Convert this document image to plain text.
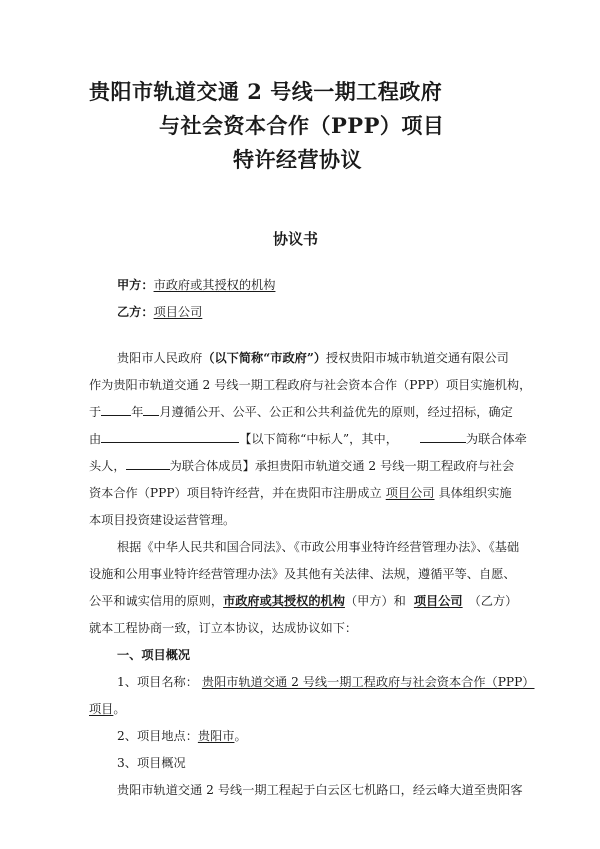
贵阳市轨道交通 2 号线一期工程政府
与社会资本合作（PPP）项目
特许经营协议
协议书
甲方：市政府或其授权的机构
乙方：项目公司
贵阳市人民政府（以下简称“市政府”）授权贵阳市城市轨道交通有限公司
作为贵阳市轨道交通 2 号线一期工程政府与社会资本合作（PPP）项目实施机构，
于 年 月遵循公开、公平、公正和公共利益优先的原则，经过招标，确定
由	【以下简称“中标人”，其中，	为联合体牵
头人，	为联合体成员】承担贵阳市轨道交通 2 号线一期工程政府与社会
资本合作（PPP）项目特许经营，并在贵阳市注册成立 项目公司 具体组织实施
本项目投资建设运营管理。
根据《中华人民共和国合同法》、《市政公用事业特许经营管理办法》、《基础
设施和公用事业特许经营管理办法》及其他有关法律、法规，遵循平等、自愿、
公平和诚实信用的原则，市政府或其授权的机构（甲方）和 项目公司 （乙方）
就本工程协商一致，订立本协议，达成协议如下：
一、项目概况
1、项目名称： 贵阳市轨道交通 2 号线一期工程政府与社会资本合作（PPP）
项目。
2、项目地点：贵阳市。
3、项目概况
贵阳市轨道交通 2 号线一期工程起于白云区七机路口，经云峰大道至贵阳客
